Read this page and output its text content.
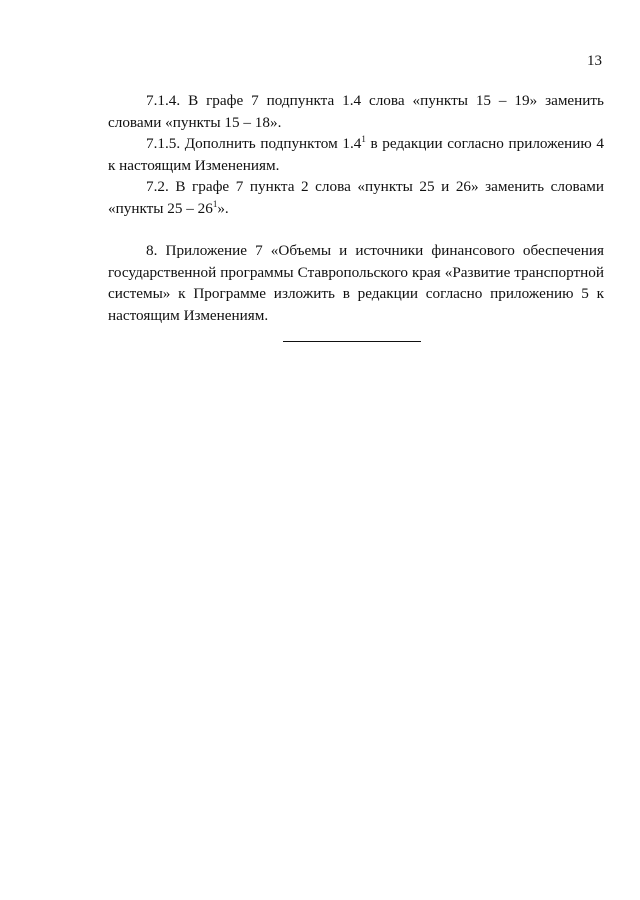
13

7.1.4. В графе 7 подпункта 1.4 слова «пункты 15 – 19» заменить словами «пункты 15 – 18».

7.1.5. Дополнить подпунктом $1.4^1$ в редакции согласно приложению 4 к настоящим Изменениям.

7.2. В графе 7 пункта 2 слова «пункты 25 и 26» заменить словами «пункты $25 - 26^1$».

8. Приложение 7 «Объемы и источники финансового обеспечения государственной программы Ставропольского края «Развитие транспортной системы» к Программе изложить в редакции согласно приложению 5 к настоящим Изменениям.
